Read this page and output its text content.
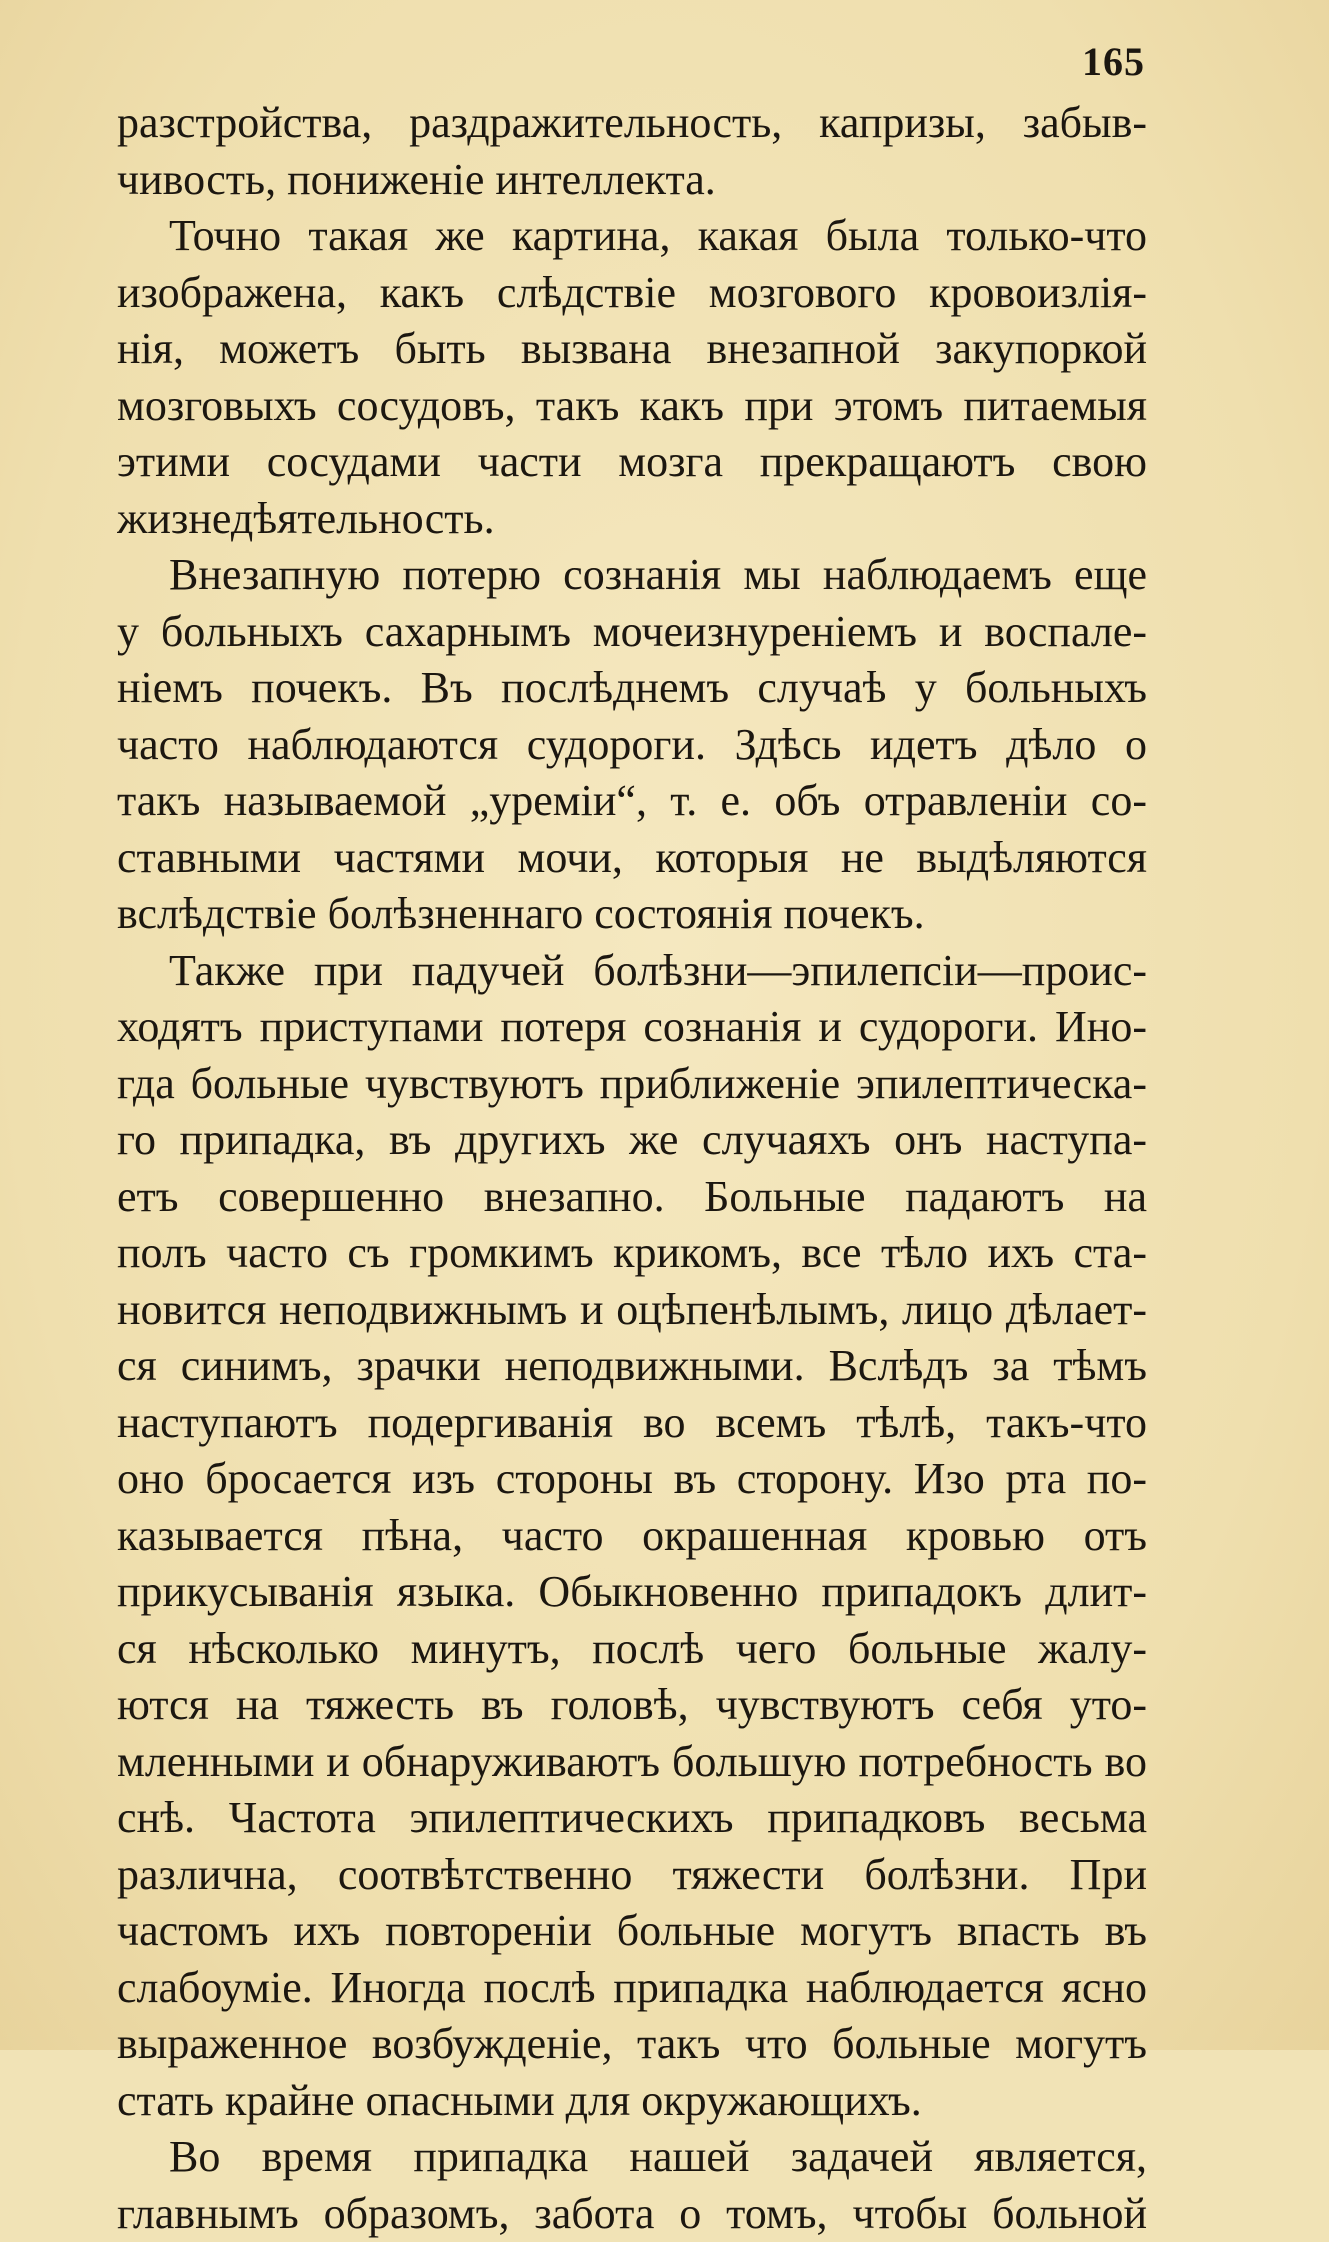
165
разстройства, раздражительность, капризы, забыв-
чивость, пониженіе интеллекта.
Точно такая же картина, какая была только-что
изображена, какъ слѣдствіе мозгового кровоизлія-
нія, можетъ быть вызвана внезапной закупоркой
мозговыхъ сосудовъ, такъ какъ при этомъ питаемыя
этими сосудами части мозга прекращаютъ свою
жизнедѣятельность.
Внезапную потерю сознанія мы наблюдаемъ еще
у больныхъ сахарнымъ мочеизнуреніемъ и воспале-
ніемъ почекъ. Въ послѣднемъ случаѣ у больныхъ
часто наблюдаются судороги. Здѣсь идетъ дѣло о
такъ называемой „уреміи“, т. е. объ отравленіи со-
ставными частями мочи, которыя не выдѣляются
вслѣдствіе болѣзненнаго состоянія почекъ.
Также при падучей болѣзни—эпилепсіи—проис-
ходятъ приступами потеря сознанія и судороги. Ино-
гда больные чувствуютъ приближеніе эпилептическа-
го припадка, въ другихъ же случаяхъ онъ наступа-
етъ совершенно внезапно. Больные падаютъ на
полъ часто съ громкимъ крикомъ, все тѣло ихъ ста-
новится неподвижнымъ и оцѣпенѣлымъ, лицо дѣлает-
ся синимъ, зрачки неподвижными. Вслѣдъ за тѣмъ
наступаютъ подергиванія во всемъ тѣлѣ, такъ-что
оно бросается изъ стороны въ сторону. Изо рта по-
казывается пѣна, часто окрашенная кровью отъ
прикусыванія языка. Обыкновенно припадокъ длит-
ся нѣсколько минутъ, послѣ чего больные жалу-
ются на тяжесть въ головѣ, чувствуютъ себя уто-
мленными и обнаруживаютъ большую потребность во
снѣ. Частота эпилептическихъ припадковъ весьма
различна, соотвѣтственно тяжести болѣзни. При
частомъ ихъ повтореніи больные могутъ впасть въ
слабоуміе. Иногда послѣ припадка наблюдается ясно
выраженное возбужденіе, такъ что больные могутъ
стать крайне опасными для окружающихъ.
Во время припадка нашей задачей является,
главнымъ образомъ, забота о томъ, чтобы больной
